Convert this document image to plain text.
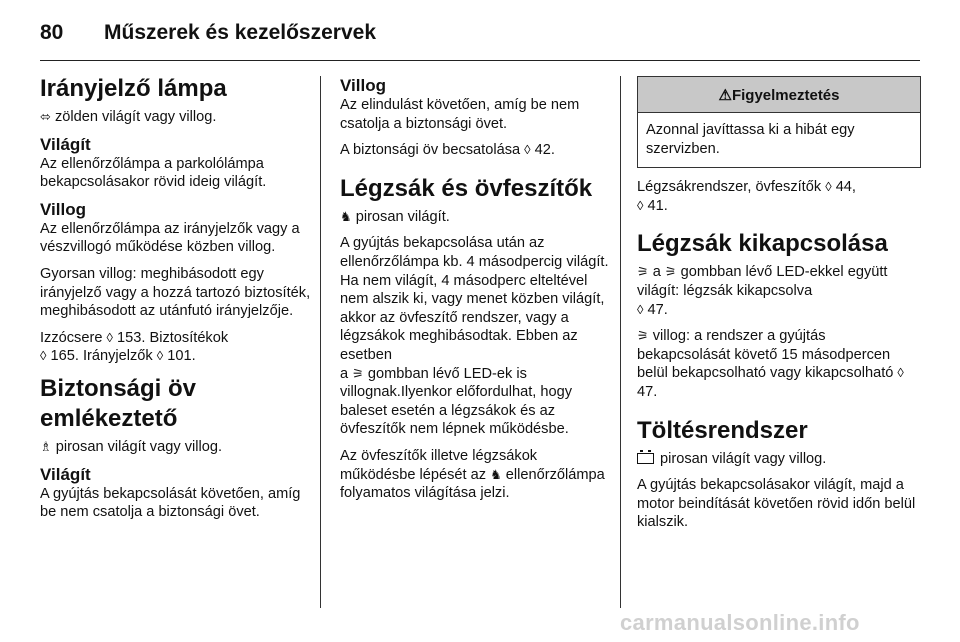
80	Műszerek és kezelőszervek
Irányjelző lámpa

⬄ zölden világít vagy villog.

Világít

Az ellenőrzőlámpa a parkolólámpa bekapcsolásakor rövid ideig világít.

Villog

Az ellenőrzőlámpa az irányjelzők vagy a vészvillogó működése közben villog.

Gyorsan villog: meghibásodott egy irányjelző vagy a hozzá tartozó biztosíték, meghibásodott az utánfutó irányjelzője.

Izzócsere ◊ 153. Biztosítékok
◊ 165. Irányjelzők ◊ 101.

Biztonsági öv emlékeztető

♗ pirosan világít vagy villog.

Világít

A gyújtás bekapcsolását követően, amíg be nem csatolja a biztonsági övet.

Villog

Az elindulást követően, amíg be nem csatolja a biztonsági övet.

A biztonsági öv becsatolása ◊ 42.

Légzsák és övfeszítők

♞ pirosan világít.

A gyújtás bekapcsolása után az ellenőrzőlámpa kb. 4 másodpercig világít. Ha nem világít, 4 másodperc elteltével nem alszik ki, vagy menet közben világít, akkor az övfeszítő rendszer, vagy a légzsákok meghibásodtak. Ebben az esetben

a ⚞ gombban lévő LED-ek is villognak.Ilyenkor előfordulhat, hogy baleset esetén a légzsákok és az övfeszítők nem lépnek működésbe.

Az övfeszítők illetve légzsákok működésbe lépését az ♞ ellenőrzőlámpa folyamatos világítása jelzi.

⚠Figyelmeztetés
Azonnal javíttassa ki a hibát egy szervizben.

Légzsákrendszer, övfeszítők ◊ 44,
◊ 41.

Légzsák kikapcsolása

⚞ a ⚞ gombban lévő LED-ekkel együtt világít: légzsák kikapcsolva
◊ 47.

⚞ villog: a rendszer a gyújtás bekapcsolását követő 15 másodpercen belül bekapcsolható vagy kikapcsolható ◊ 47.

Töltésrendszer

pirosan világít vagy villog.

A gyújtás bekapcsolásakor világít, majd a motor beindítását követően rövid időn belül kialszik.

carmanualsonline.info
